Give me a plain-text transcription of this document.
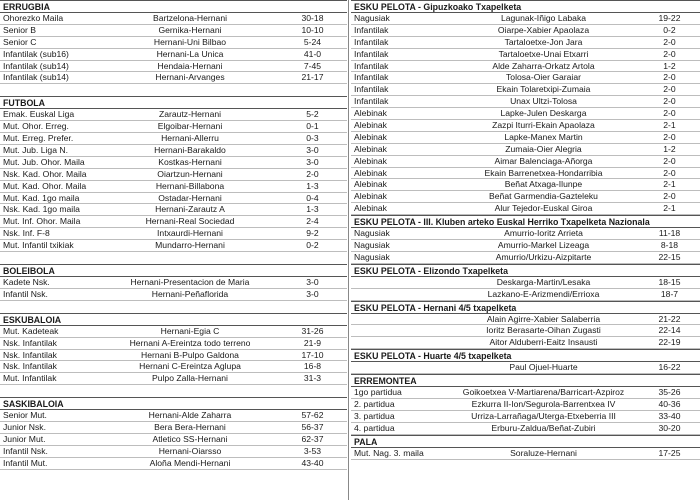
ERRUGBIA
Ohorezko Maila	Bartzelona-Hernani	30-18
Senior B	Gernika-Hernani	10-10
Senior C	Hernani-Uni Bilbao	5-24
Infantilak (sub16)	Hernani-La Unica	41-0
Infantilak (sub14)	Hendaia-Hernani	7-45
Infantilak (sub14)	Hernani-Arvanges	21-17
FUTBOLA
Emak. Euskal Liga	Zarautz-Hernani	5-2
Mut. Ohor. Erreg.	Elgoibar-Hernani	0-1
Mut. Erreg. Prefer.	Hernani-Allerru	0-3
Mut. Jub. Liga N.	Hernani-Barakaldo	3-0
Mut. Jub. Ohor. Maila	Kostkas-Hernani	3-0
Nsk. Kad. Ohor. Maila	Oiartzun-Hernani	2-0
Mut. Kad. Ohor. Maila	Hernani-Billabona	1-3
Mut. Kad. 1go maila	Ostadar-Hernani	0-4
Nsk. Kad. 1go maila	Hernani-Zarautz A	1-3
Mut. Inf. Ohor. Maila	Hernani-Real Sociedad	2-4
Nsk. Inf. F-8	Intxaurdi-Hernani	9-2
Mut. Infantil txikiak	Mundarro-Hernani	0-2
BOLEIBOLA
Kadete Nsk.	Hernani-Presentacion de Maria	3-0
Infantil Nsk.	Hernani-Peñaflorida	3-0
ESKUBALOIA
Mut. Kadeteak	Hernani-Egia C	31-26
Nsk. Infantilak	Hernani A-Ereintza todo terreno	21-9
Nsk. Infantilak	Hernani B-Pulpo Galdona	17-10
Nsk. Infantilak	Hernani C-Ereintza Aglupa	16-8
Mut. Infantilak	Pulpo Zalla-Hernani	31-3
SASKIBALOIA
Senior Mut.	Hernani-Alde Zaharra	57-62
Junior Nsk.	Bera Bera-Hernani	56-37
Junior Mut.	Atletico SS-Hernani	62-37
Infantil Nsk.	Hernani-Oiarsso	3-53
Infantil Mut.	Aloña Mendi-Hernani	43-40
ESKU PELOTA - Gipuzkoako Txapelketa
Nagusiak	Lagunak-Iñigo Labaka	19-22
Infantilak	Oiarpe-Xabier Apaolaza	0-2
Infantilak	Tartaloetxe-Jon Jara	2-0
Infantilak	Tartaloetxe-Unai Etxarri	2-0
Infantilak	Alde Zaharra-Orkatz Artola	1-2
Infantilak	Tolosa-Oier Garaiar	2-0
Infantilak	Ekain Tolaretxipi-Zumaia	2-0
Infantilak	Unax Ultzi-Tolosa	2-0
Alebinak	Lapke-Julen Deskarga	2-0
Alebinak	Zazpi Iturri-Ekain Apaolaza	2-1
Alebinak	Lapke-Manex Martin	2-0
Alebinak	Zumaia-Oier Alegria	1-2
Alebinak	Aimar Balenciaga-Añorga	2-0
Alebinak	Ekain Barrenetxea-Hondarribia	2-0
Alebinak	Beñat Atxaga-Ilunpe	2-1
Alebinak	Beñat Garmendia-Gazteleku	2-0
Alebinak	Alur Tejedor-Euskal Giroa	2-1
ESKU PELOTA - III. Kluben arteko Euskal Herriko Txapelketa Nazionala
Nagusiak	Amurrio-Ioritz Arrieta	11-18
Nagusiak	Amurrio-Markel Lizeaga	8-18
Nagusiak	Amurrio/Urkizu-Aizpitarte	22-15
ESKU PELOTA - Elizondo Txapelketa
Deskarga-Martin/Lesaka	18-15
Lazkano-E-Arizmendi/Errioxa	18-7
ESKU PELOTA - Hernani 4/5 txapelketa
Alain Agirre-Xabier Salaberria	21-22
Ioritz Berasarte-Oihan Zugasti	22-14
Aitor Alduberri-Eaitz Insausti	22-19
ESKU PELOTA - Huarte 4/5 txapelketa
Paul Ojuel-Huarte	16-22
ERREMONTEA
1go partidua	Goikoetxea V-Martiarena/Barricart-Azpiroz	35-26
2. partidua	Ezkurra II-Ion/Segurola-Barrentxea IV	40-36
3. partidua	Urriza-Larrañaga/Uterga-Etxeberria III	33-40
4. partidua	Erburu-Zaldua/Beñat-Zubiri	30-20
PALA
Mut. Nag. 3. maila	Soraluze-Hernani	17-25
